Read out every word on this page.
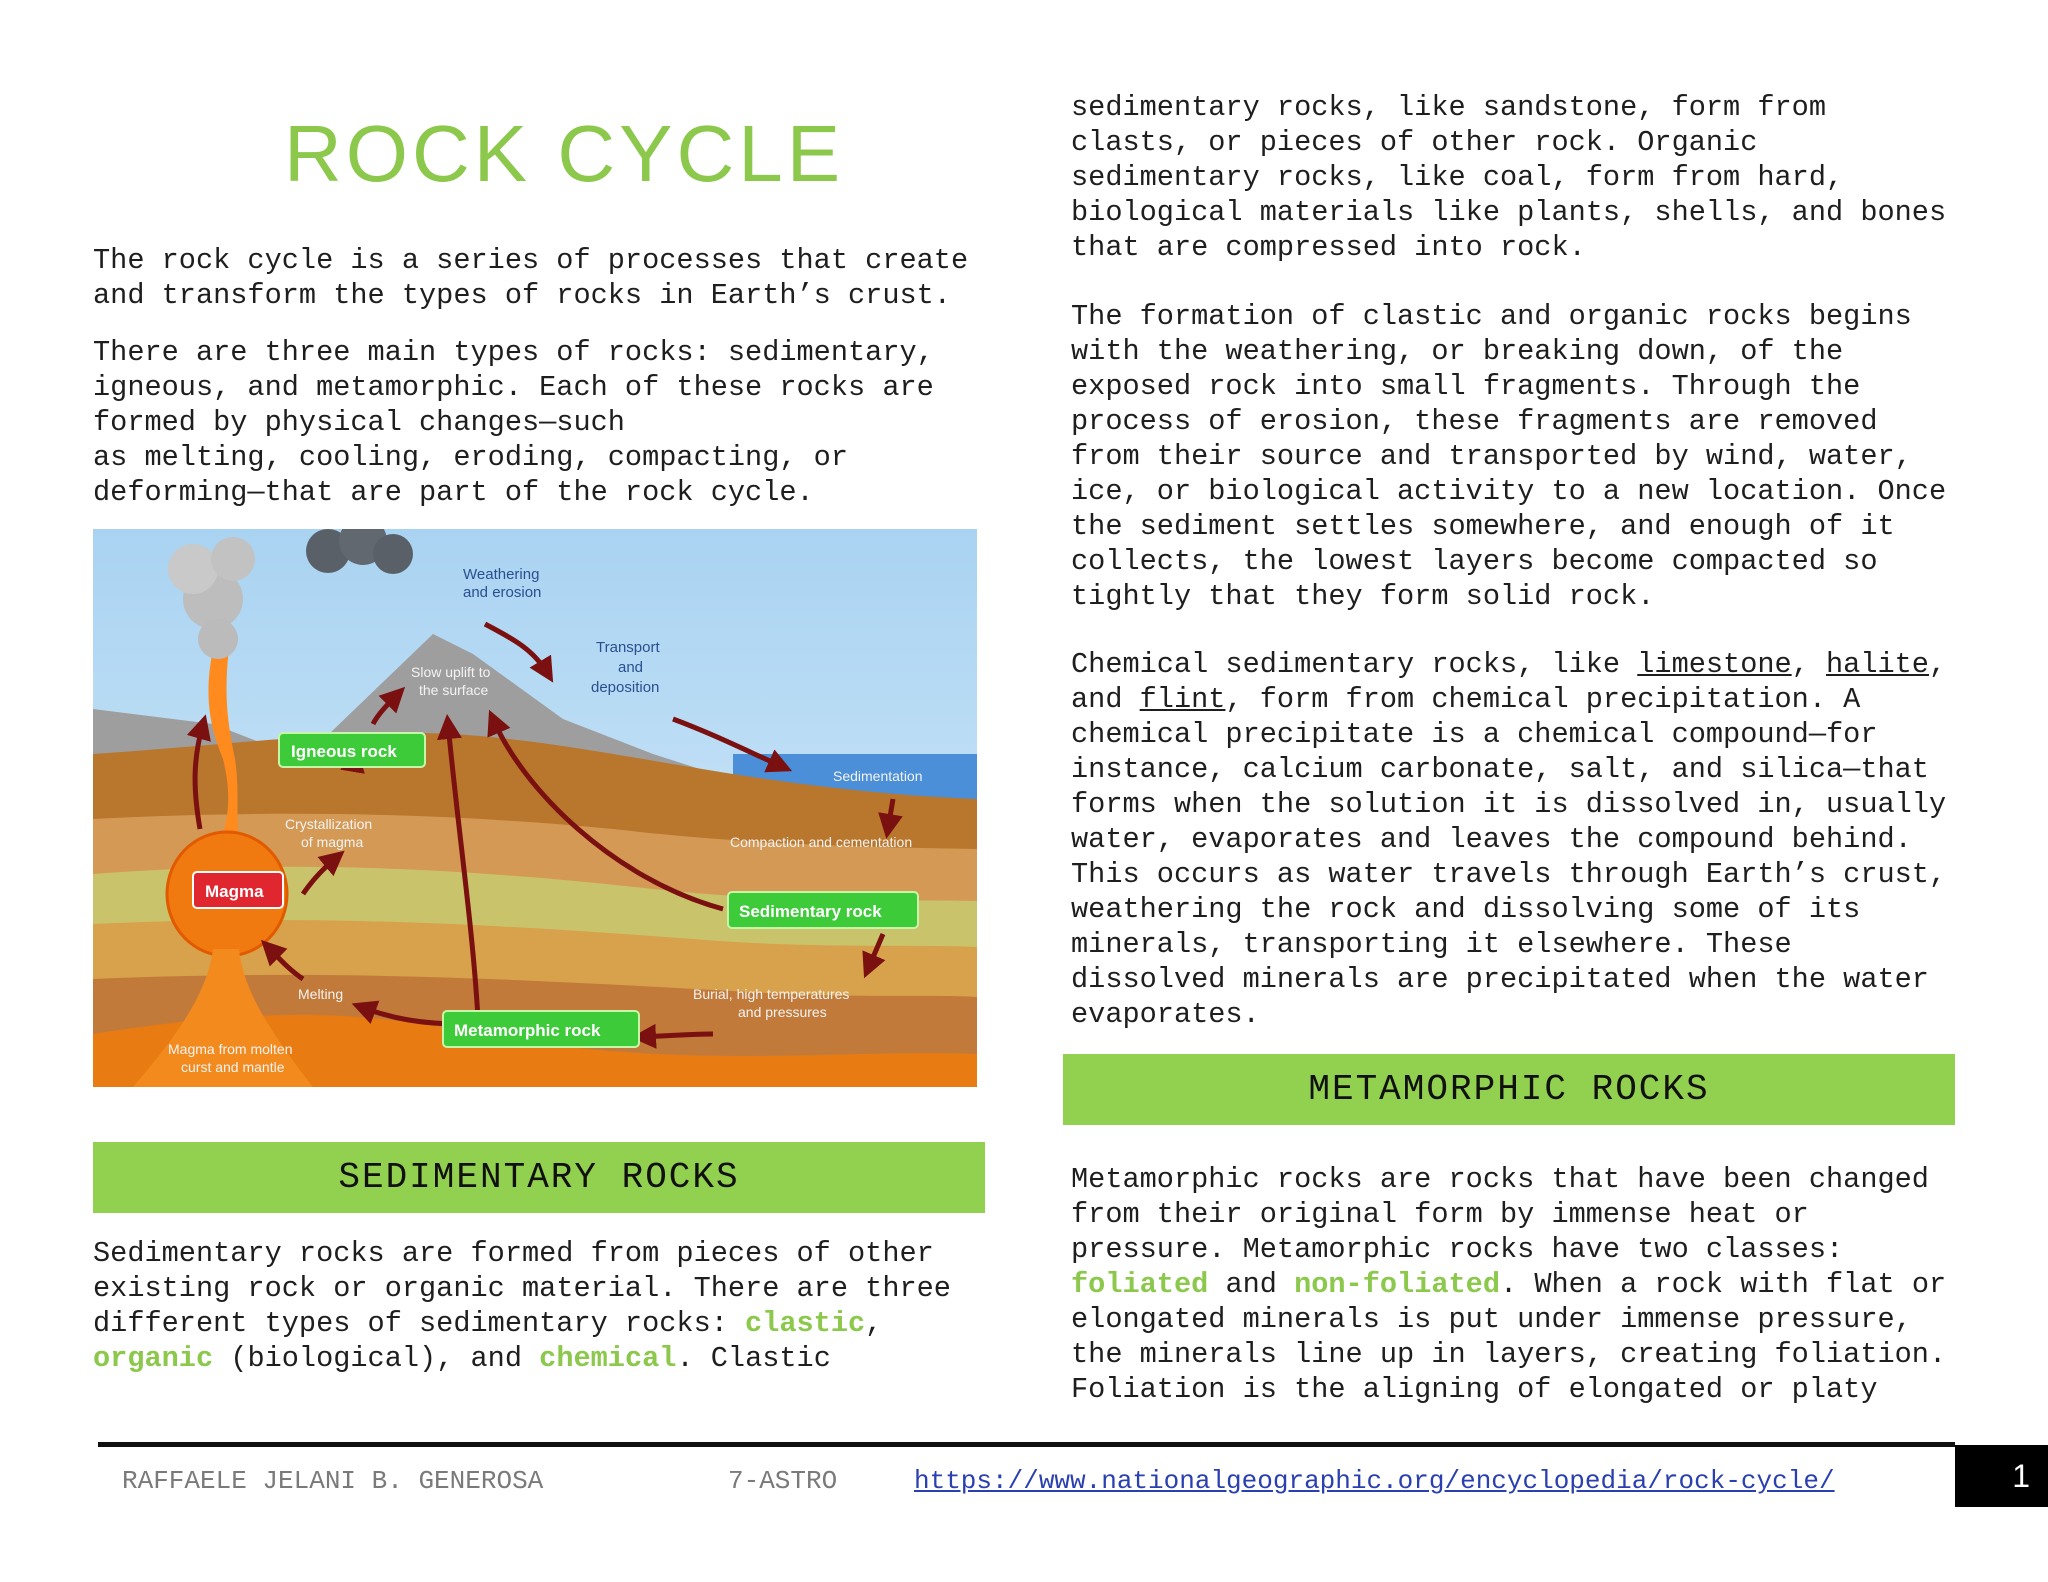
ROCK CYCLE
The rock cycle is a series of processes that create
and transform the types of rocks in Earth’s crust.
There are three main types of rocks: sedimentary,
igneous, and metamorphic. Each of these rocks are
formed by physical changes—such
as melting, cooling, eroding, compacting, or
deforming—that are part of the rock cycle.
Weathering
and erosion
Transport
and
deposition
Slow uplift to
the surface
Sedimentation
Crystallization
of magma	Compaction and cementation
Melting	Burial, high temperatures
and pressures
Magma from molten
curst and mantle
Igneous rock
Magma
Sedimentary rock
Metamorphic rock
SEDIMENTARY ROCKS
Sedimentary rocks are formed from pieces of other
existing rock or organic material. There are three
different types of sedimentary rocks: clastic,
organic (biological), and chemical. Clastic
sedimentary rocks, like sandstone, form from
clasts, or pieces of other rock. Organic
sedimentary rocks, like coal, form from hard,
biological materials like plants, shells, and bones
that are compressed into rock.
The formation of clastic and organic rocks begins
with the weathering, or breaking down, of the
exposed rock into small fragments. Through the
process of erosion, these fragments are removed
from their source and transported by wind, water,
ice, or biological activity to a new location. Once
the sediment settles somewhere, and enough of it
collects, the lowest layers become compacted so
tightly that they form solid rock.
Chemical sedimentary rocks, like limestone, halite,
and flint, form from chemical precipitation. A
chemical precipitate is a chemical compound—for
instance, calcium carbonate, salt, and silica—that
forms when the solution it is dissolved in, usually
water, evaporates and leaves the compound behind.
This occurs as water travels through Earth’s crust,
weathering the rock and dissolving some of its
minerals, transporting it elsewhere. These
dissolved minerals are precipitated when the water
evaporates.
METAMORPHIC ROCKS
Metamorphic rocks are rocks that have been changed
from their original form by immense heat or
pressure. Metamorphic rocks have two classes:
foliated and non-foliated. When a rock with flat or
elongated minerals is put under immense pressure,
the minerals line up in layers, creating foliation.
Foliation is the aligning of elongated or platy
RAFFAELE JELANI B. GENEROSA	7-ASTRO	https://www.nationalgeographic.org/encyclopedia/rock-cycle/	1
